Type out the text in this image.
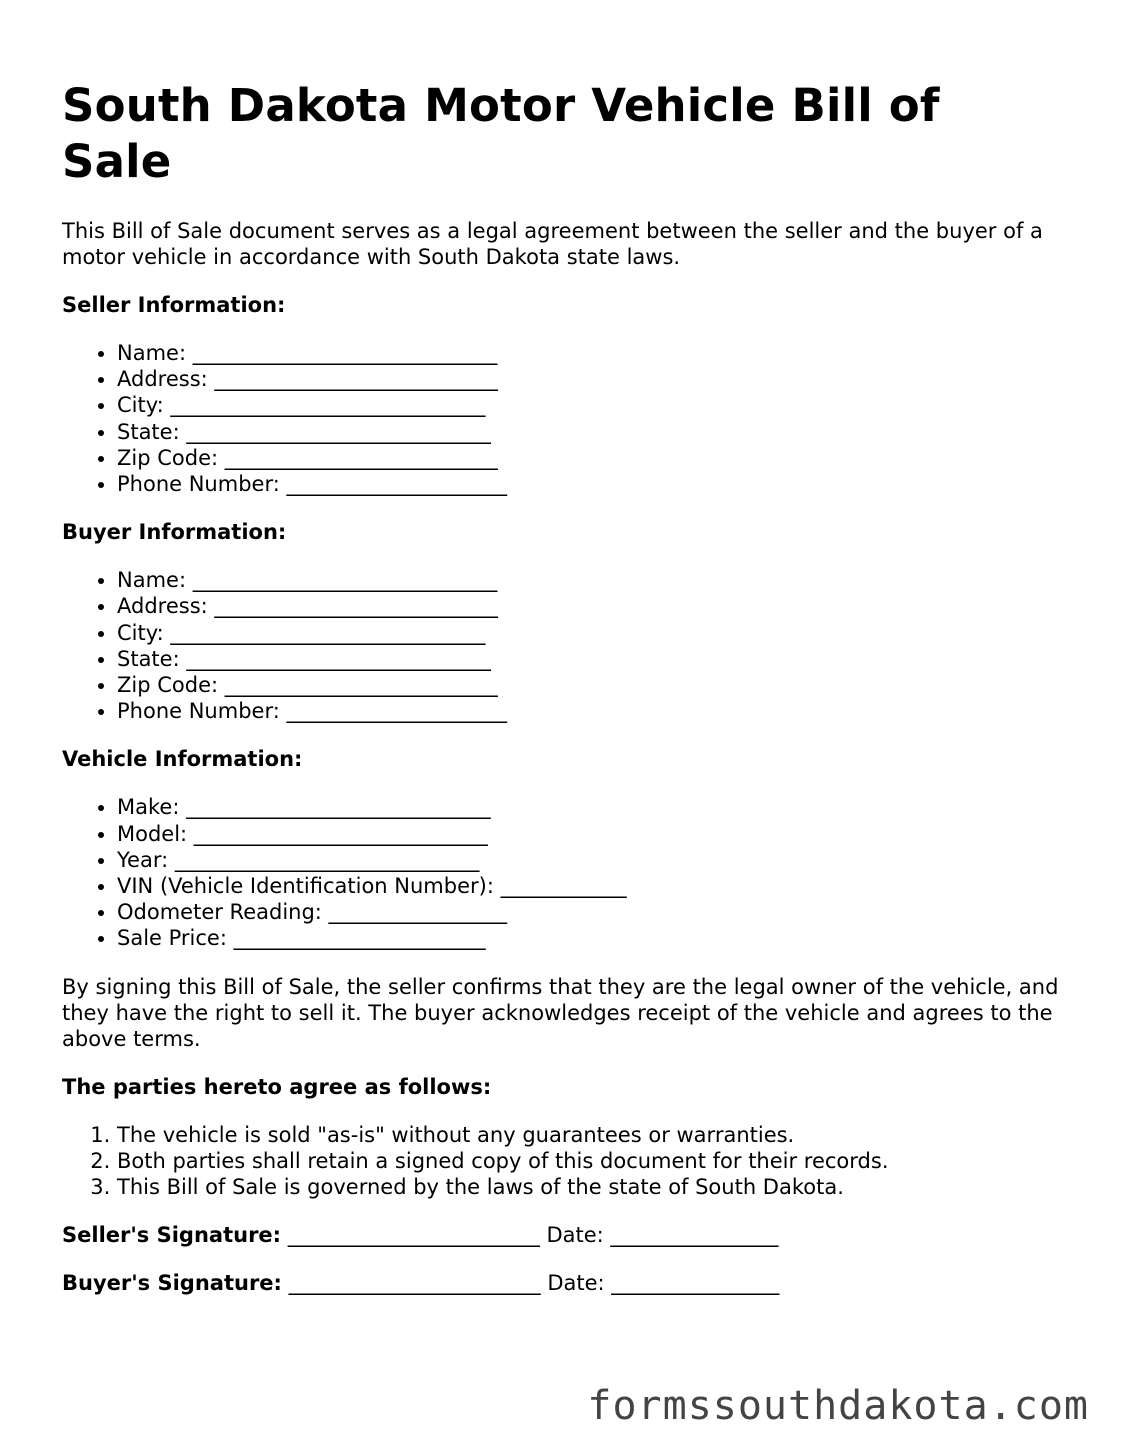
South Dakota Motor Vehicle Bill of Sale

This Bill of Sale document serves as a legal agreement between the seller and the buyer of a motor vehicle in accordance with South Dakota state laws.

Seller Information:
• Name: _____________________________
• Address: ___________________________
• City: ______________________________
• State: _____________________________
• Zip Code: __________________________
• Phone Number: _____________________
Buyer Information:
• Name: _____________________________
• Address: ___________________________
• City: ______________________________
• State: _____________________________
• Zip Code: __________________________
• Phone Number: _____________________
Vehicle Information:
• Make: _____________________________
• Model: ____________________________
• Year: _____________________________
• VIN (Vehicle Identification Number): ____________
• Odometer Reading: _________________
• Sale Price: ________________________

By signing this Bill of Sale, the seller confirms that they are the legal owner of the vehicle, and they have the right to sell it. The buyer acknowledges receipt of the vehicle and agrees to the above terms.

The parties hereto agree as follows:
1. The vehicle is sold "as-is" without any guarantees or warranties.
2. Both parties shall retain a signed copy of this document for their records.
3. This Bill of Sale is governed by the laws of the state of South Dakota.
Seller's Signature: ________________________ Date: ________________
Buyer's Signature: ________________________ Date: ________________
formssouthdakota.com
